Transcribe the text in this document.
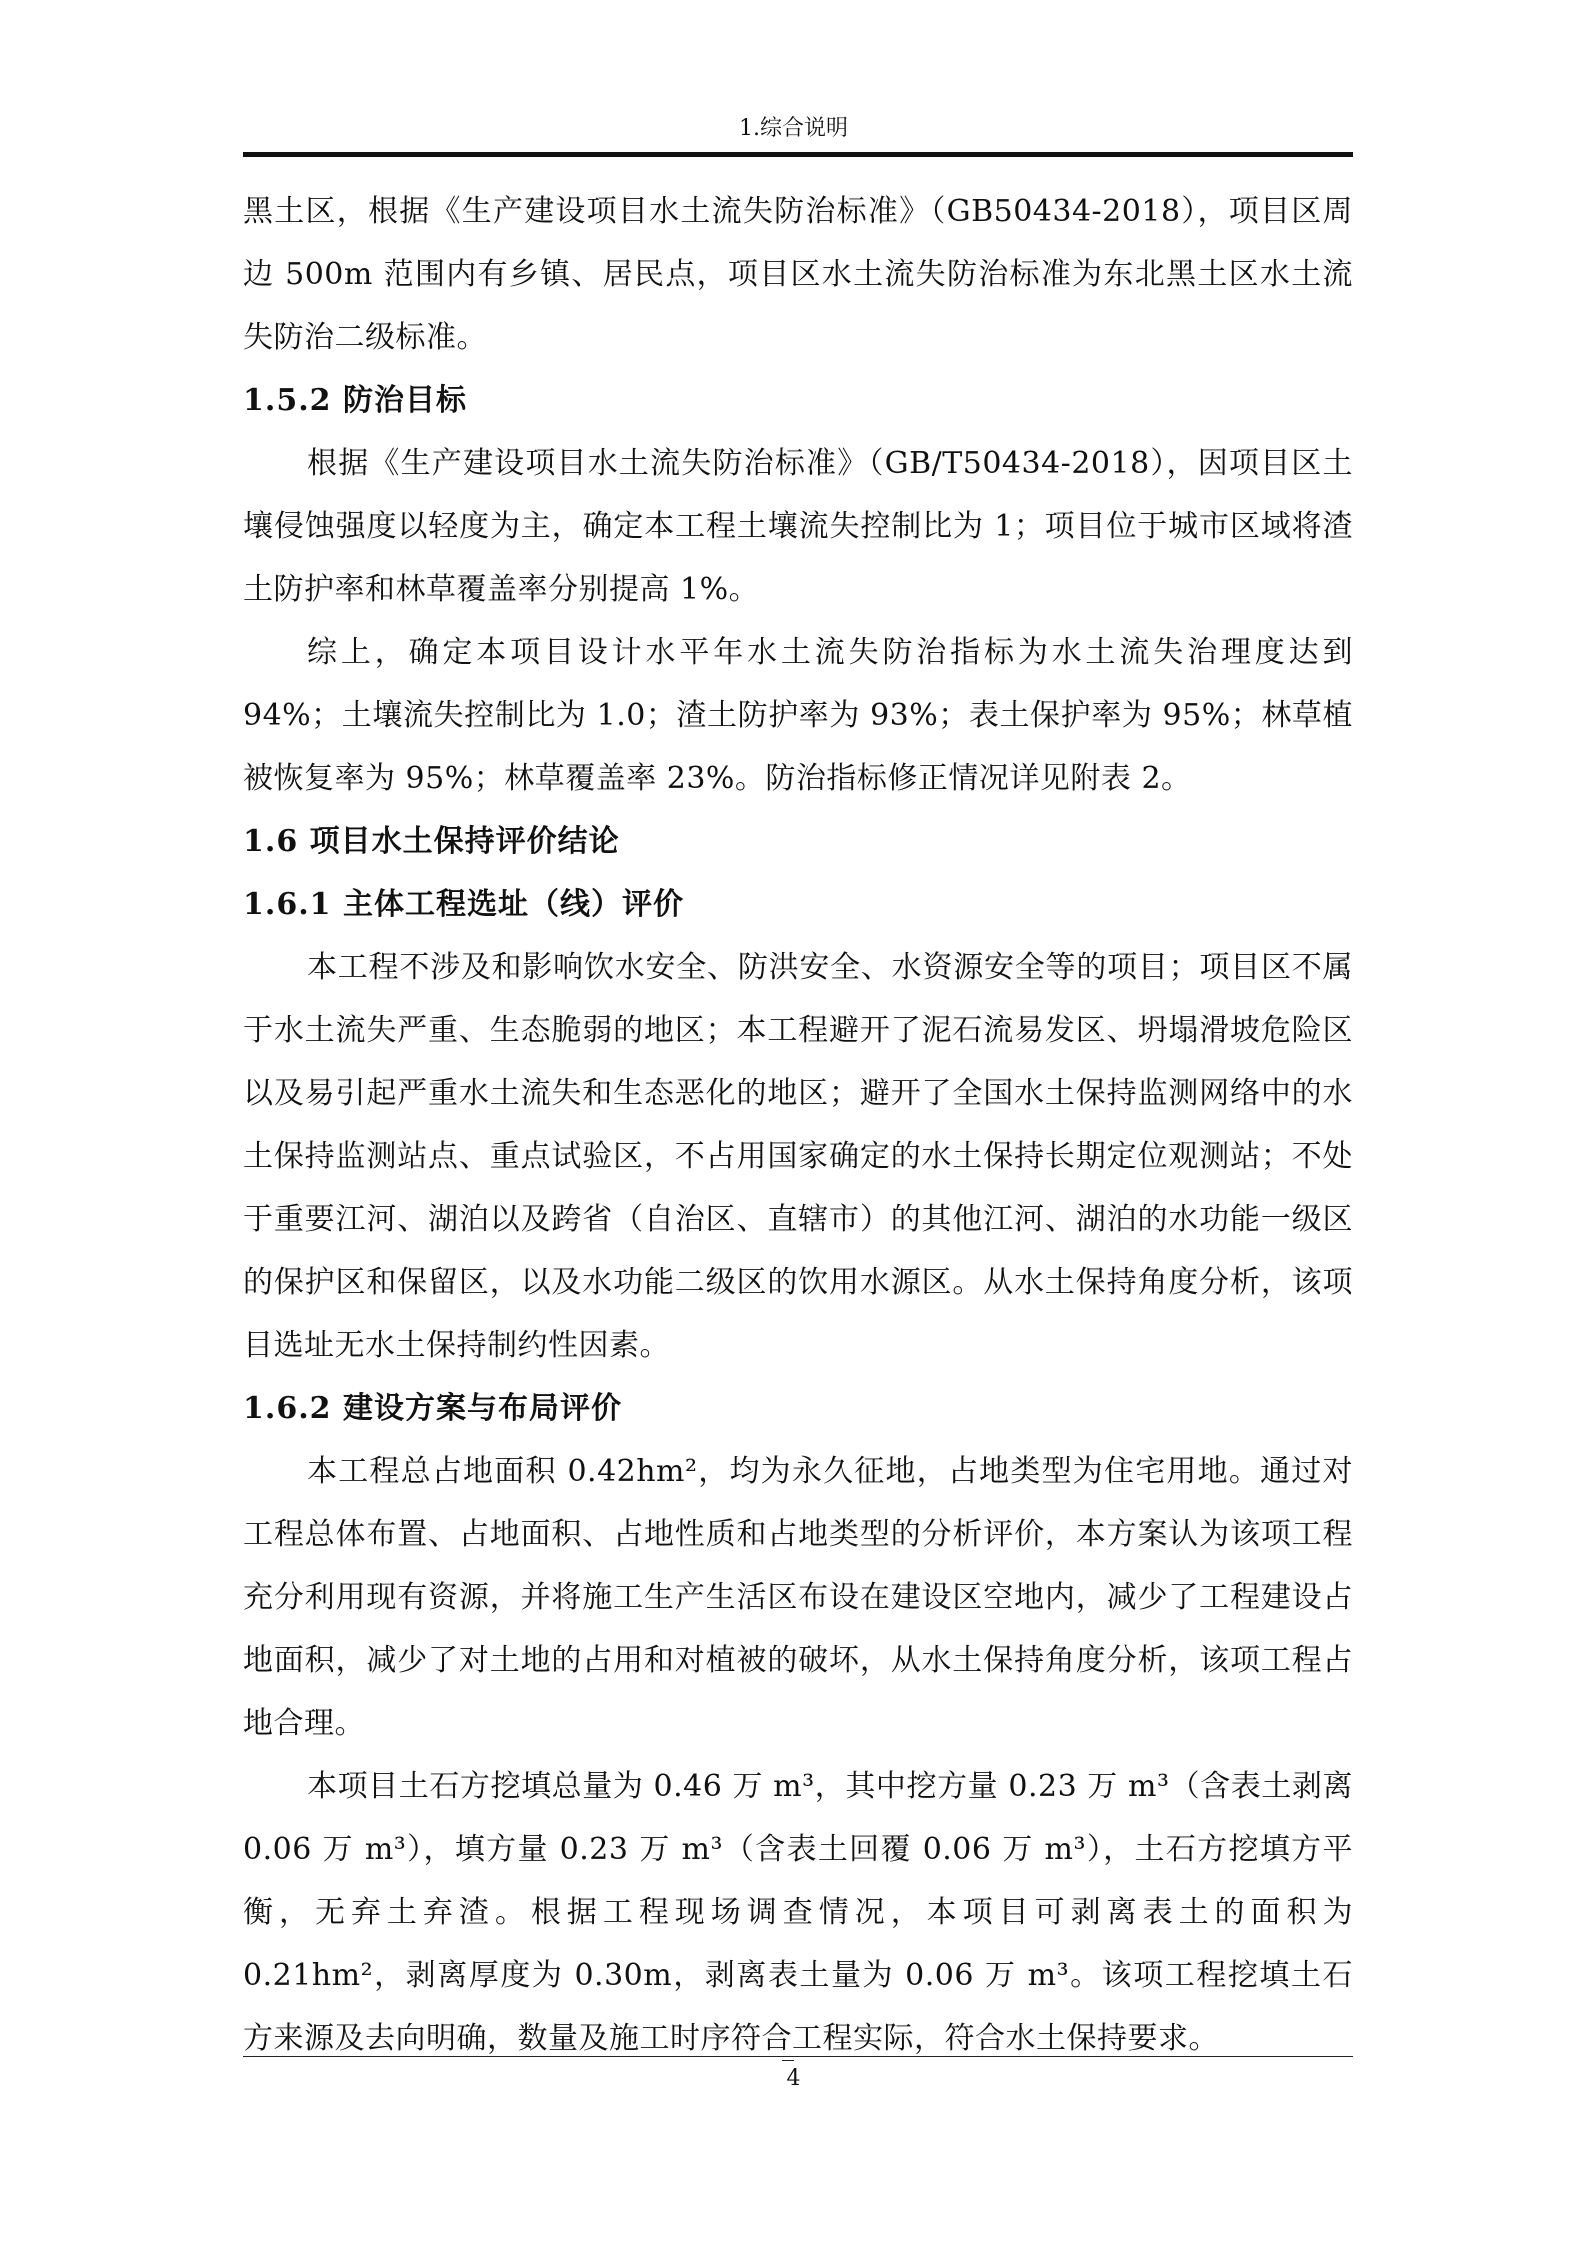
1.综合说明

黑土区，根据《生产建设项目水土流失防治标准》（GB50434-2018），项目区周边 500m 范围内有乡镇、居民点，项目区水土流失防治标准为东北黑土区水土流失防治二级标准。

1.5.2 防治目标

根据《生产建设项目水土流失防治标准》（GB/T50434-2018），因项目区土壤侵蚀强度以轻度为主，确定本工程土壤流失控制比为 1；项目位于城市区域将渣土防护率和林草覆盖率分别提高 1%。

综上，确定本项目设计水平年水土流失防治指标为水土流失治理度达到 94%；土壤流失控制比为 1.0；渣土防护率为 93%；表土保护率为 95%；林草植被恢复率为 95%；林草覆盖率 23%。防治指标修正情况详见附表 2。

1.6 项目水土保持评价结论

1.6.1 主体工程选址（线）评价

本工程不涉及和影响饮水安全、防洪安全、水资源安全等的项目；项目区不属于水土流失严重、生态脆弱的地区；本工程避开了泥石流易发区、坍塌滑坡危险区以及易引起严重水土流失和生态恶化的地区；避开了全国水土保持监测网络中的水土保持监测站点、重点试验区，不占用国家确定的水土保持长期定位观测站；不处于重要江河、湖泊以及跨省（自治区、直辖市）的其他江河、湖泊的水功能一级区的保护区和保留区，以及水功能二级区的饮用水源区。从水土保持角度分析，该项目选址无水土保持制约性因素。

1.6.2 建设方案与布局评价

本工程总占地面积 0.42hm²，均为永久征地，占地类型为住宅用地。通过对工程总体布置、占地面积、占地性质和占地类型的分析评价，本方案认为该项工程充分利用现有资源，并将施工生产生活区布设在建设区空地内，减少了工程建设占地面积，减少了对土地的占用和对植被的破坏，从水土保持角度分析，该项工程占地合理。

本项目土石方挖填总量为 0.46 万 m³，其中挖方量 0.23 万 m³（含表土剥离 0.06 万 m³），填方量 0.23 万 m³（含表土回覆 0.06 万 m³），土石方挖填方平衡，无弃土弃渣。根据工程现场调查情况，本项目可剥离表土的面积为 0.21hm²，剥离厚度为 0.30m，剥离表土量为 0.06 万 m³。该项工程挖填土石方来源及去向明确，数量及施工时序符合工程实际，符合水土保持要求。

4
